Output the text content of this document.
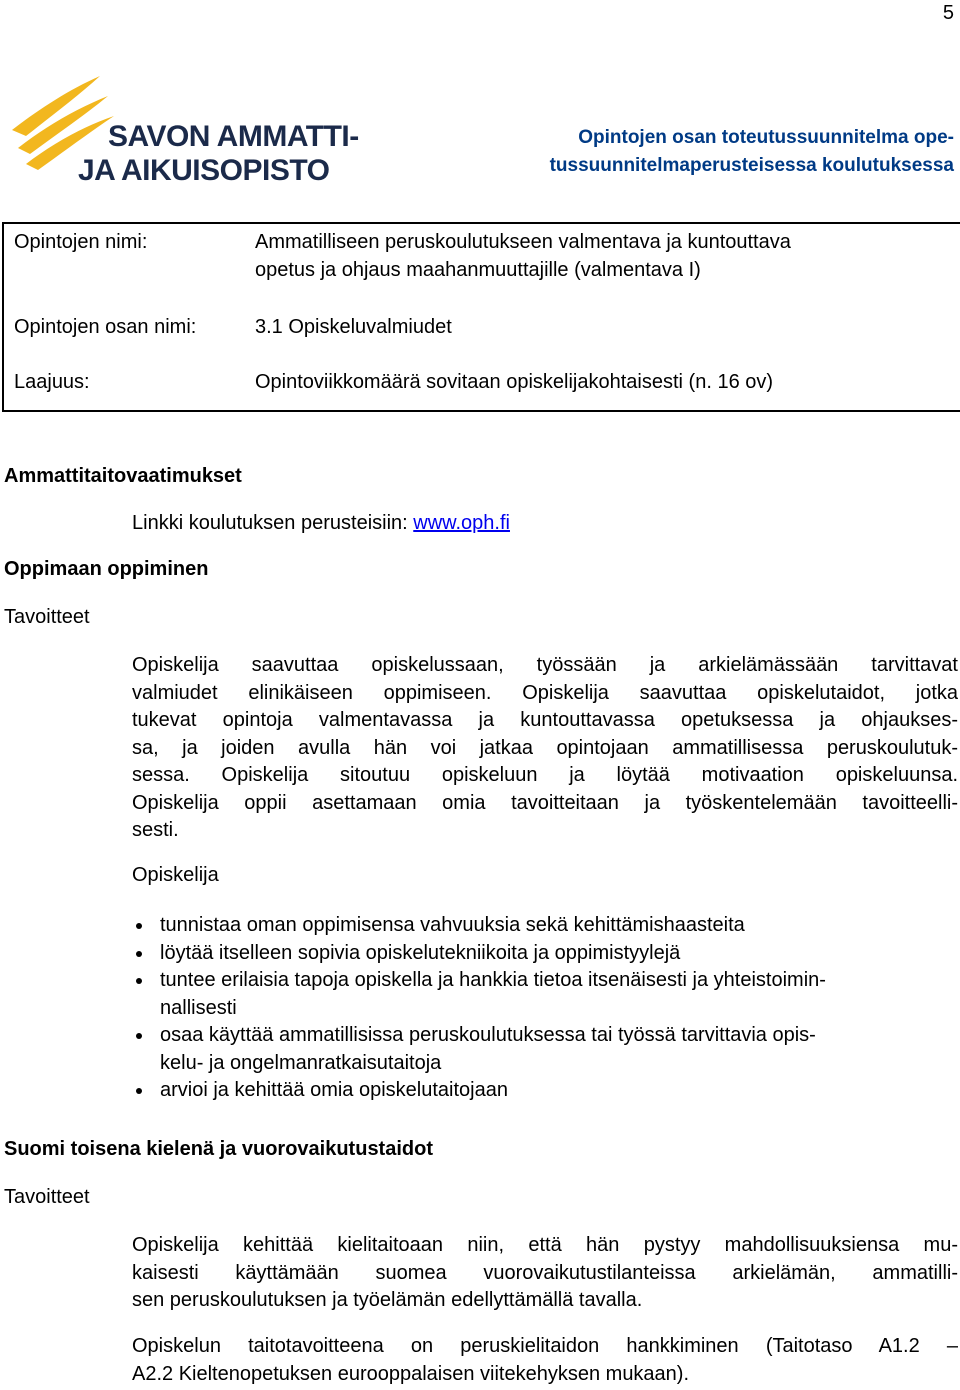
5
SAVON AMMATTI-
JA AIKUISOPISTO
Opintojen osan toteutussuunnitelma ope-
tussuunnitelmaperusteisessa koulutuksessa
Opintojen nimi:	Ammatilliseen peruskoulutukseen valmentava ja kuntouttava
opetus ja ohjaus maahanmuuttajille (valmentava I)
Opintojen osan nimi:	3.1 Opiskeluvalmiudet
Laajuus:	Opintoviikkomäärä sovitaan opiskelijakohtaisesti (n. 16 ov)
Ammattitaitovaatimukset
Linkki koulutuksen perusteisiin: www.oph.fi
Oppimaan oppiminen
Tavoitteet
Opiskelija saavuttaa opiskelussaan, työssään ja arkielämässään tarvittavat
valmiudet elinikäiseen oppimiseen. Opiskelija saavuttaa opiskelutaidot, jotka
tukevat opintoja valmentavassa ja kuntouttavassa opetuksessa ja ohjaukses-
sa, ja joiden avulla hän voi jatkaa opintojaan ammatillisessa peruskoulutuk-
sessa. Opiskelija sitoutuu opiskeluun ja löytää motivaation opiskeluunsa.
Opiskelija oppii asettamaan omia tavoitteitaan ja työskentelemään tavoitteelli-
sesti.
Opiskelija
tunnistaa oman oppimisensa vahvuuksia sekä kehittämishaasteita
löytää itselleen sopivia opiskelutekniikoita ja oppimistyylejä
tuntee erilaisia tapoja opiskella ja hankkia tietoa itsenäisesti ja yhteistoimin-
nallisesti
osaa käyttää ammatillisissa peruskoulutuksessa tai työssä tarvittavia opis-
kelu- ja ongelmanratkaisutaitoja
arvioi ja kehittää omia opiskelutaitojaan
Suomi toisena kielenä ja vuorovaikutustaidot
Tavoitteet
Opiskelija kehittää kielitaitoaan niin, että hän pystyy mahdollisuuksiensa mu-
kaisesti käyttämään suomea vuorovaikutustilanteissa arkielämän, ammatilli-
sen peruskoulutuksen ja työelämän edellyttämällä tavalla.
Opiskelun taitotavoitteena on peruskielitaidon hankkiminen (Taitotaso A1.2 –
A2.2 Kieltenopetuksen eurooppalaisen viitekehyksen mukaan).
